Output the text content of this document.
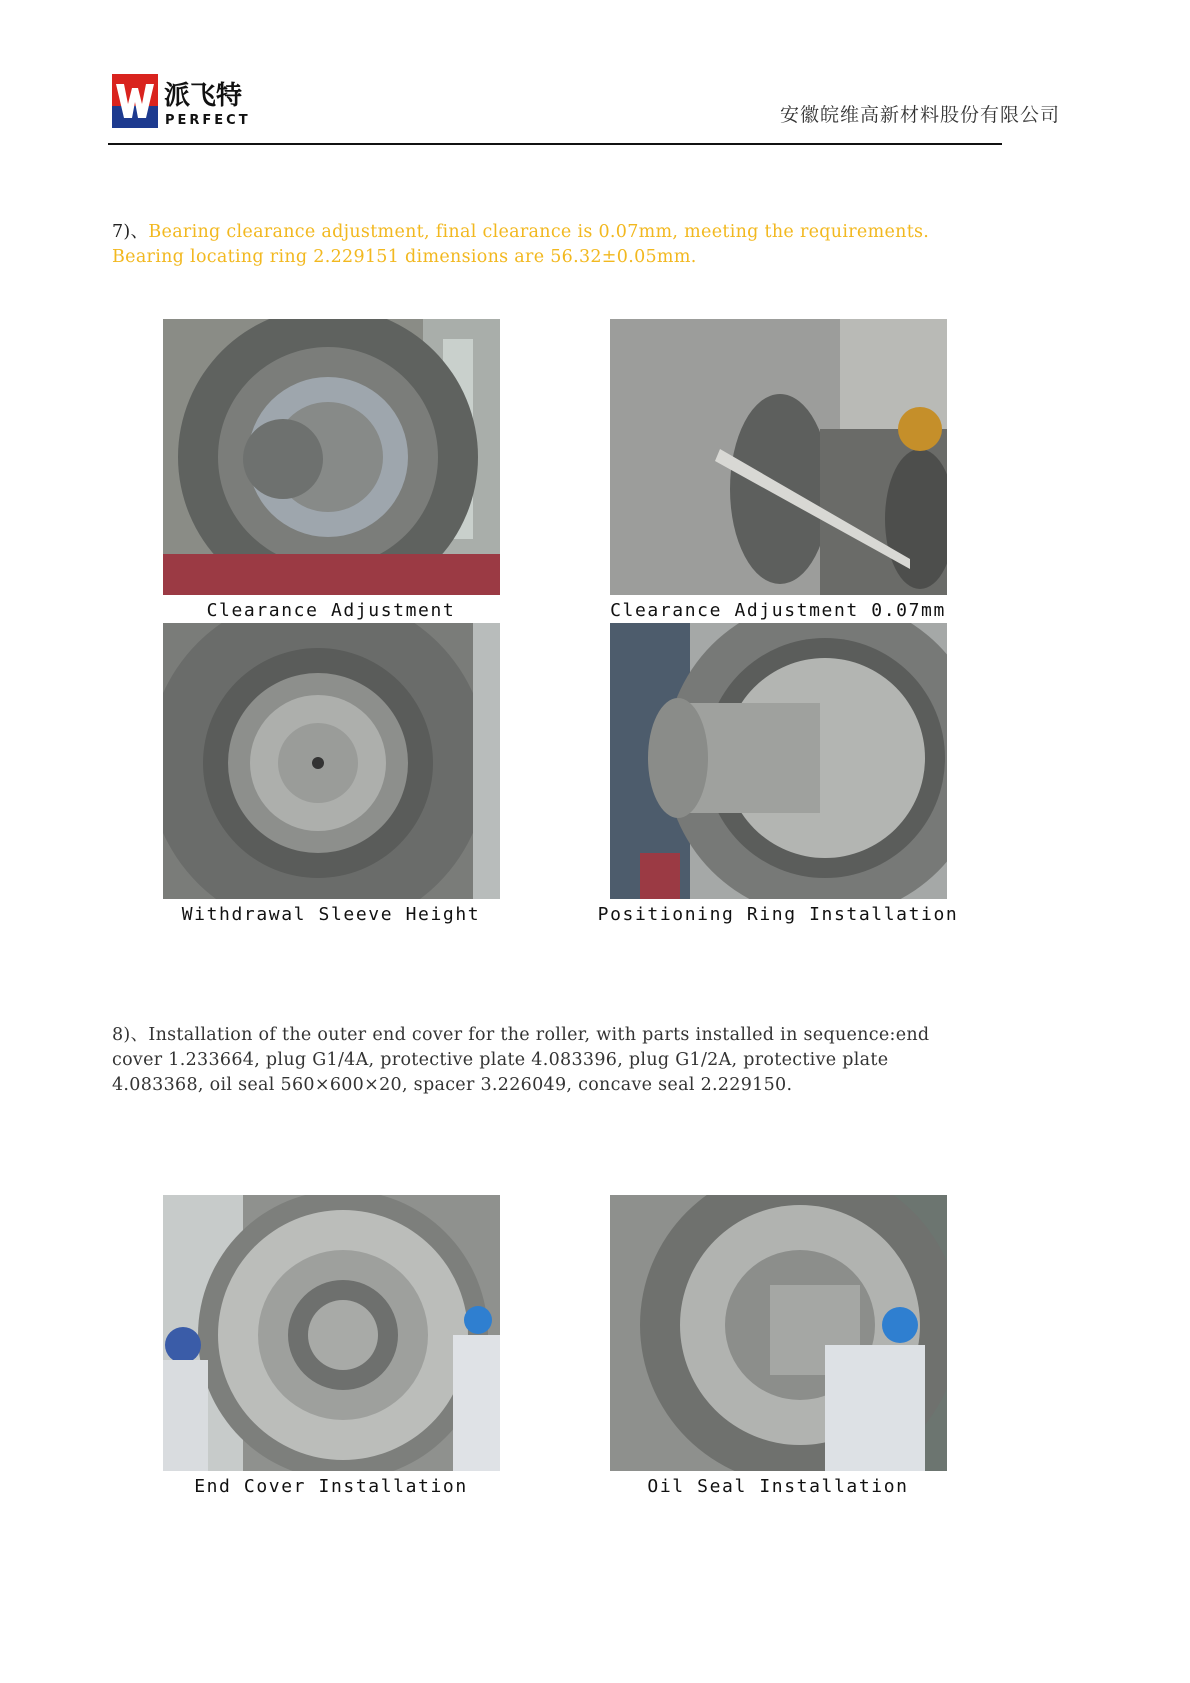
派飞特
PERFECT	安徽皖维高新材料股份有限公司
7)、Bearing clearance adjustment, final clearance is 0.07mm, meeting the requirements. Bearing locating ring 2.229151 dimensions are 56.32±0.05mm.
Clearance Adjustment	Clearance Adjustment 0.07mm
Withdrawal Sleeve Height	Positioning Ring Installation
8)、Installation of the outer end cover for the roller, with parts installed in sequence:end cover 1.233664, plug G1/4A, protective plate 4.083396, plug G1/2A, protective plate 4.083368, oil seal 560×600×20, spacer 3.226049, concave seal 2.229150.
End Cover Installation	Oil Seal Installation
